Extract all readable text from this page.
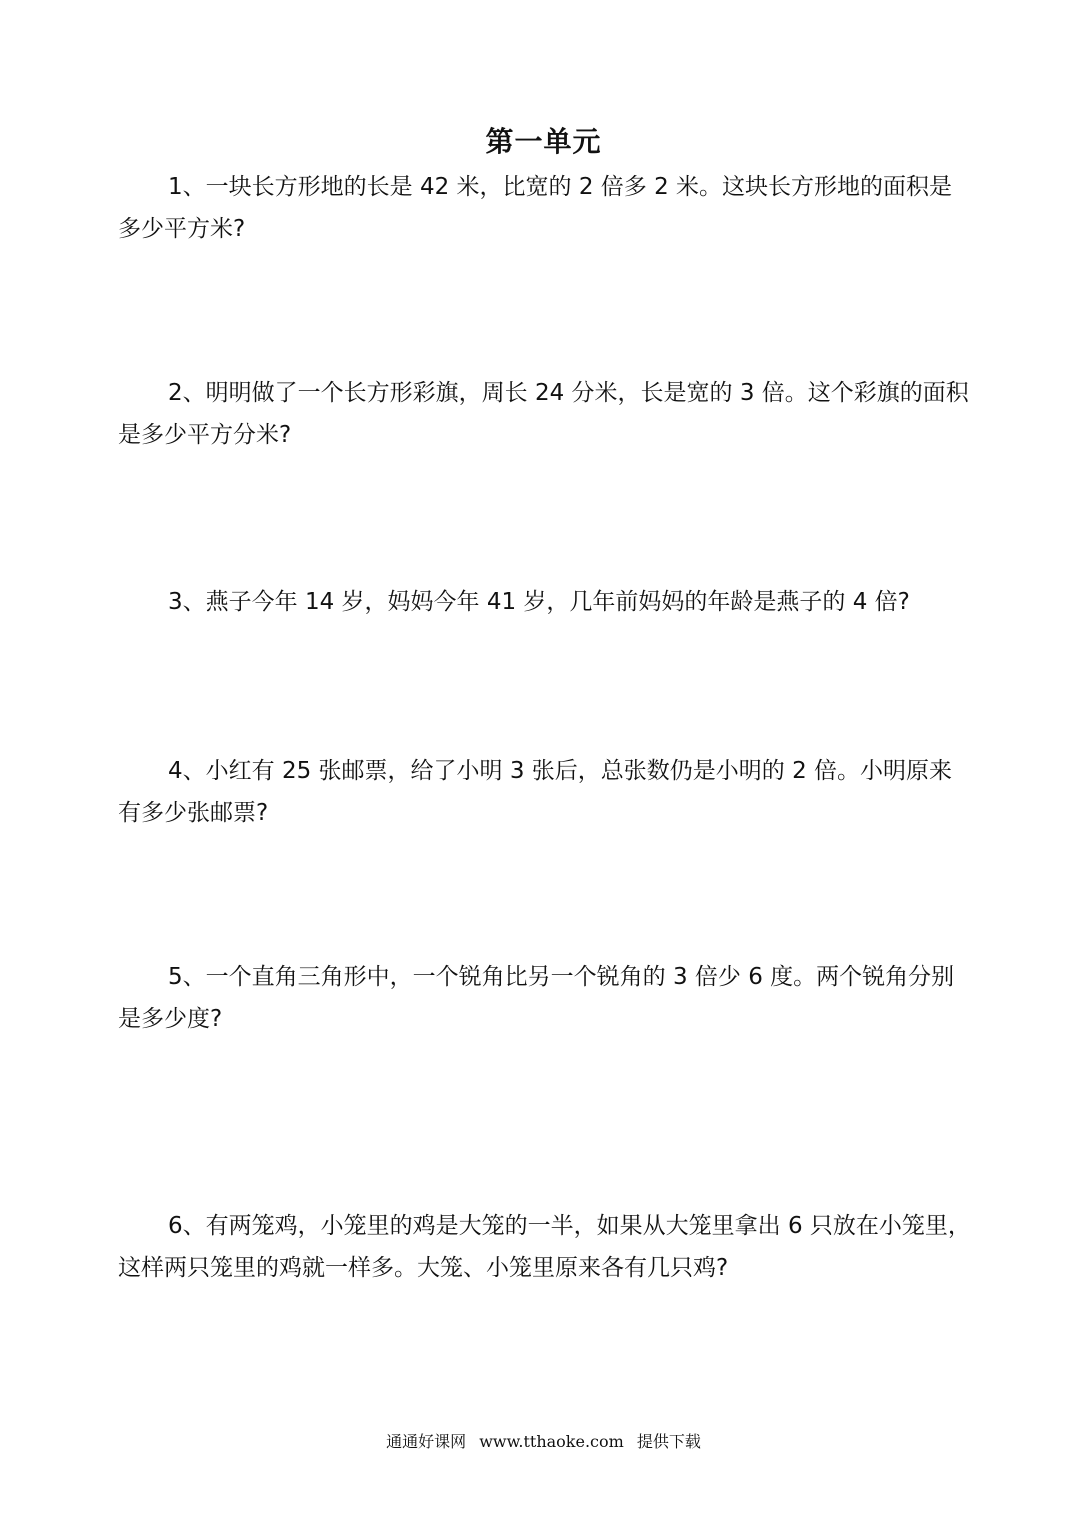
第一单元

1、一块长方形地的长是 42 米，比宽的 2 倍多 2 米。这块长方形地的面积是多少平方米?

2、明明做了一个长方形彩旗，周长 24 分米，长是宽的 3 倍。这个彩旗的面积是多少平方分米?

3、燕子今年 14 岁，妈妈今年 41 岁，几年前妈妈的年龄是燕子的 4 倍?

4、小红有 25 张邮票，给了小明 3 张后，总张数仍是小明的 2 倍。小明原来有多少张邮票?

5、一个直角三角形中，一个锐角比另一个锐角的 3 倍少 6 度。两个锐角分别是多少度?

6、有两笼鸡，小笼里的鸡是大笼的一半，如果从大笼里拿出 6 只放在小笼里，这样两只笼里的鸡就一样多。大笼、小笼里原来各有几只鸡?

通通好课网 www.tthaoke.com 提供下载
